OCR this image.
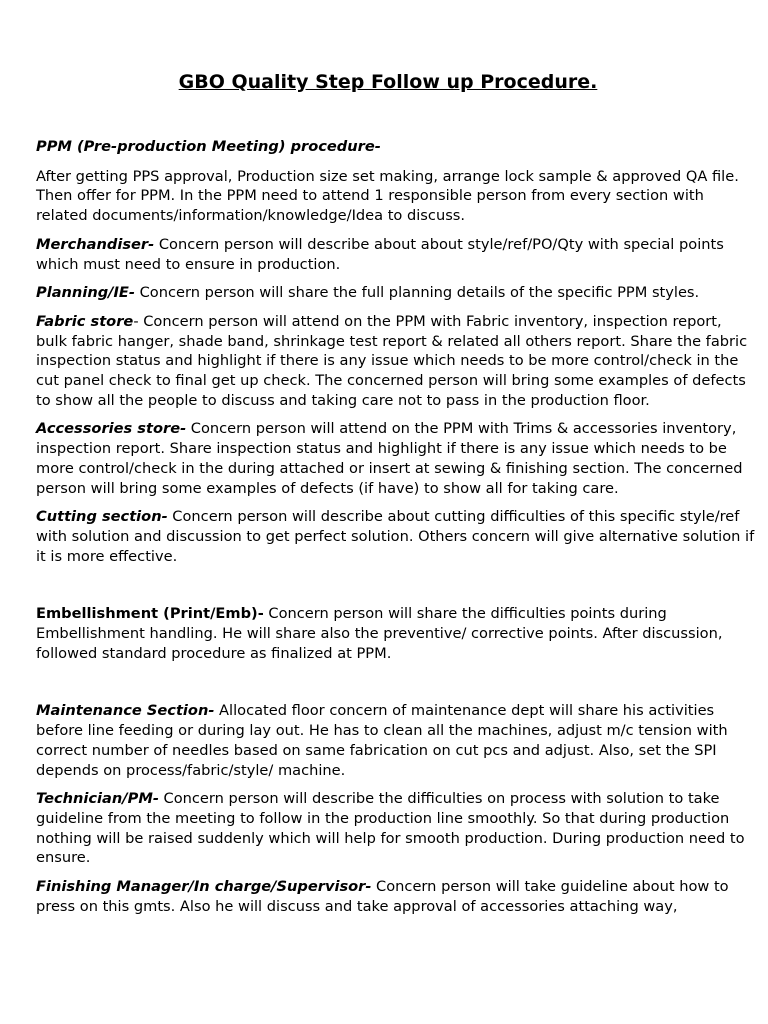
GBO Quality Step Follow up Procedure.

PPM (Pre-production Meeting) procedure-

After getting PPS approval, Production size set making, arrange lock sample & approved QA file. Then offer for PPM. In the PPM need to attend 1 responsible person from every section with related documents/information/knowledge/Idea to discuss.

Merchandiser- Concern person will describe about about style/ref/PO/Qty with special points which must need to ensure in production.

Planning/IE- Concern person will share the full planning details of the specific PPM styles.

Fabric store- Concern person will attend on the PPM with Fabric inventory, inspection report, bulk fabric hanger, shade band, shrinkage test report & related all others report. Share the fabric inspection status and highlight if there is any issue which needs to be more control/check in the cut panel check to final get up check. The concerned person will bring some examples of defects to show all the people to discuss and taking care not to pass in the production floor.

Accessories store- Concern person will attend on the PPM with Trims & accessories inventory, inspection report. Share inspection status and highlight if there is any issue which needs to be more control/check in the during attached or insert at sewing & finishing section. The concerned person will bring some examples of defects (if have) to show all for taking care.

Cutting section- Concern person will describe about cutting difficulties of this specific style/ref with solution and discussion to get perfect solution. Others concern will give alternative solution if it is more effective.

Embellishment (Print/Emb)- Concern person will share the difficulties points during Embellishment handling. He will share also the preventive/ corrective points. After discussion, followed standard procedure as finalized at PPM.

Maintenance Section- Allocated floor concern of maintenance dept will share his activities before line feeding or during lay out. He has to clean all the machines, adjust m/c tension with correct number of needles based on same fabrication on cut pcs and adjust. Also, set the SPI depends on process/fabric/style/ machine.

Technician/PM- Concern person will describe the difficulties on process with solution to take guideline from the meeting to follow in the production line smoothly. So that during production nothing will be raised suddenly which will help for smooth production. During production need to ensure.

Finishing Manager/In charge/Supervisor- Concern person will take guideline about how to press on this gmts. Also he will discuss and take approval of accessories attaching way,
